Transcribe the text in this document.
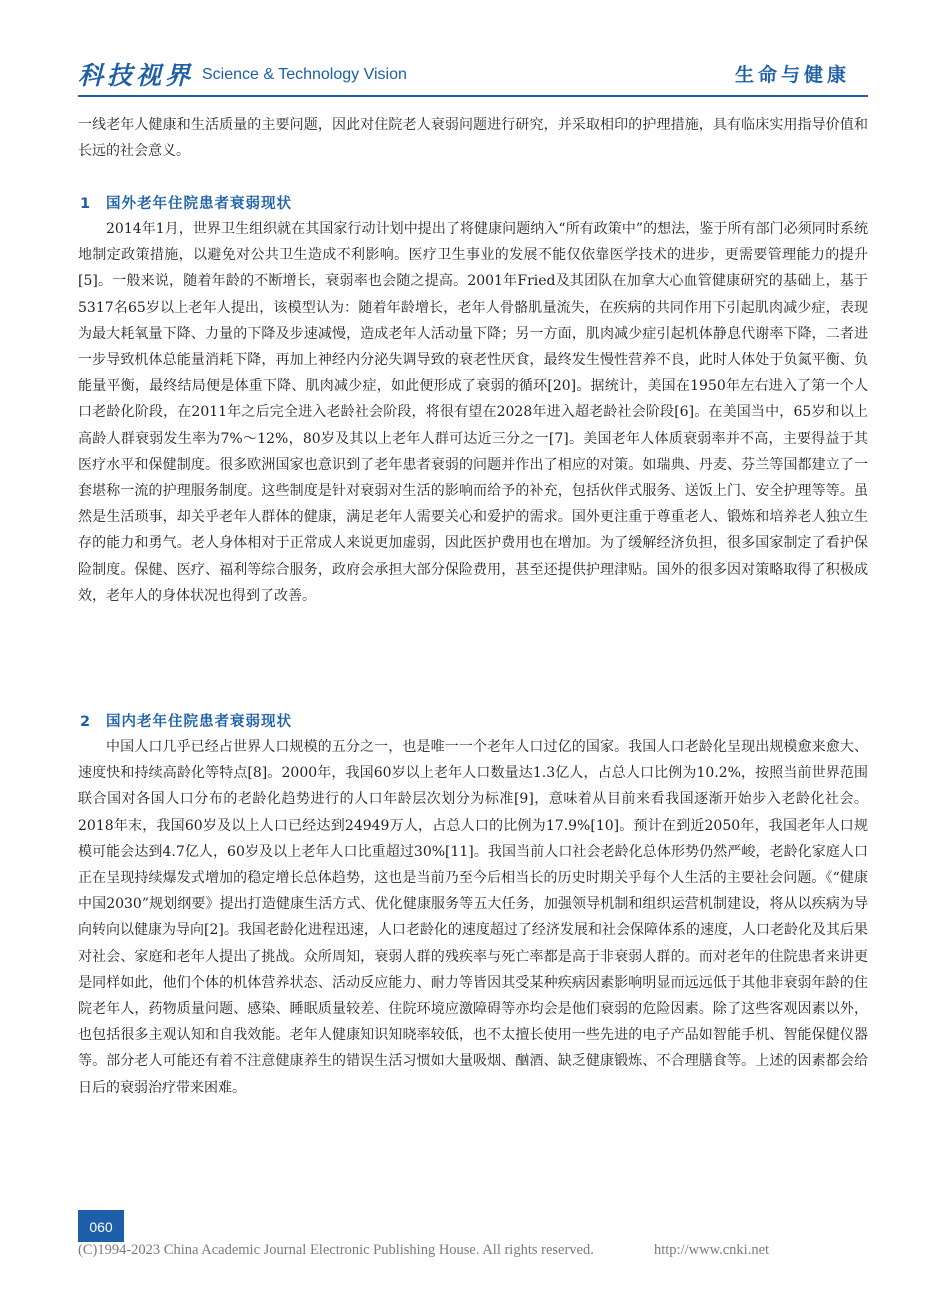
科技视界 Science & Technology Vision	生命与健康

一线老年人健康和生活质量的主要问题，因此对住院老人衰弱问题进行研究，并采取相印的护理措施，具有临床实用指导价值和长远的社会意义。

1 国外老年住院患者衰弱现状

2014年1月，世界卫生组织就在其国家行动计划中提出了将健康问题纳入“所有政策中”的想法，鉴于所有部门必须同时系统地制定政策措施，以避免对公共卫生造成不利影响。医疗卫生事业的发展不能仅依靠医学技术的进步，更需要管理能力的提升[5]。一般来说，随着年龄的不断增长，衰弱率也会随之提高。2001年Fried及其团队在加拿大心血管健康研究的基础上，基于5317名65岁以上老年人提出，该模型认为：随着年龄增长，老年人骨骼肌量流失，在疾病的共同作用下引起肌肉减少症，表现为最大耗氧量下降、力量的下降及步速减慢，造成老年人活动量下降；另一方面，肌肉减少症引起机体静息代谢率下降，二者进一步导致机体总能量消耗下降，再加上神经内分泌失调导致的衰老性厌食，最终发生慢性营养不良，此时人体处于负氮平衡、负能量平衡，最终结局便是体重下降、肌肉减少症，如此便形成了衰弱的循环[20]。据统计，美国在1950年左右进入了第一个人口老龄化阶段，在2011年之后完全进入老龄社会阶段，将很有望在2028年进入超老龄社会阶段[6]。在美国当中，65岁和以上高龄人群衰弱发生率为7%～12%，80岁及其以上老年人群可达近三分之一[7]。美国老年人体质衰弱率并不高，主要得益于其医疗水平和保健制度。很多欧洲国家也意识到了老年患者衰弱的问题并作出了相应的对策。如瑞典、丹麦、芬兰等国都建立了一套堪称一流的护理服务制度。这些制度是针对衰弱对生活的影响而给予的补充，包括伙伴式服务、送饭上门、安全护理等等。虽然是生活琐事，却关乎老年人群体的健康，满足老年人需要关心和爱护的需求。国外更注重于尊重老人、锻炼和培养老人独立生存的能力和勇气。老人身体相对于正常成人来说更加虚弱，因此医护费用也在增加。为了缓解经济负担，很多国家制定了看护保险制度。保健、医疗、福利等综合服务，政府会承担大部分保险费用，甚至还提供护理津贴。国外的很多因对策略取得了积极成效，老年人的身体状况也得到了改善。

2 国内老年住院患者衰弱现状

中国人口几乎已经占世界人口规模的五分之一，也是唯一一个老年人口过亿的国家。我国人口老龄化呈现出规模愈来愈大、速度快和持续高龄化等特点[8]。2000年，我国60岁以上老年人口数量达1.3亿人，占总人口比例为10.2%，按照当前世界范围联合国对各国人口分布的老龄化趋势进行的人口年龄层次划分为标准[9]，意味着从目前来看我国逐渐开始步入老龄化社会。2018年末，我国60岁及以上人口已经达到24949万人，占总人口的比例为17.9%[10]。预计在到近2050年，我国老年人口规模可能会达到4.7亿人，60岁及以上老年人口比重超过30%[11]。我国当前人口社会老龄化总体形势仍然严峻，老龄化家庭人口正在呈现持续爆发式增加的稳定增长总体趋势，这也是当前乃至今后相当长的历史时期关乎每个人生活的主要社会问题。《“健康中国2030”规划纲要》提出打造健康生活方式、优化健康服务等五大任务，加强领导机制和组织运营机制建设，将从以疾病为导向转向以健康为导向[2]。我国老龄化进程迅速，人口老龄化的速度超过了经济发展和社会保障体系的速度，人口老龄化及其后果对社会、家庭和老年人提出了挑战。众所周知，衰弱人群的残疾率与死亡率都是高于非衰弱人群的。而对老年的住院患者来讲更是同样如此，他们个体的机体营养状态、活动反应能力、耐力等皆因其受某种疾病因素影响明显而远远低于其他非衰弱年龄的住院老年人，药物质量问题、感染、睡眠质量较差、住院环境应激障碍等亦均会是他们衰弱的危险因素。除了这些客观因素以外，也包括很多主观认知和自我效能。老年人健康知识知晓率较低，也不太擅长使用一些先进的电子产品如智能手机、智能保健仪器等。部分老人可能还有着不注意健康养生的错误生活习惯如大量吸烟、酗酒、缺乏健康锻炼、不合理膳食等。上述的因素都会给日后的衰弱治疗带来困难。

060
(C)1994-2023 China Academic Journal Electronic Publishing House. All rights reserved.	http://www.cnki.net
